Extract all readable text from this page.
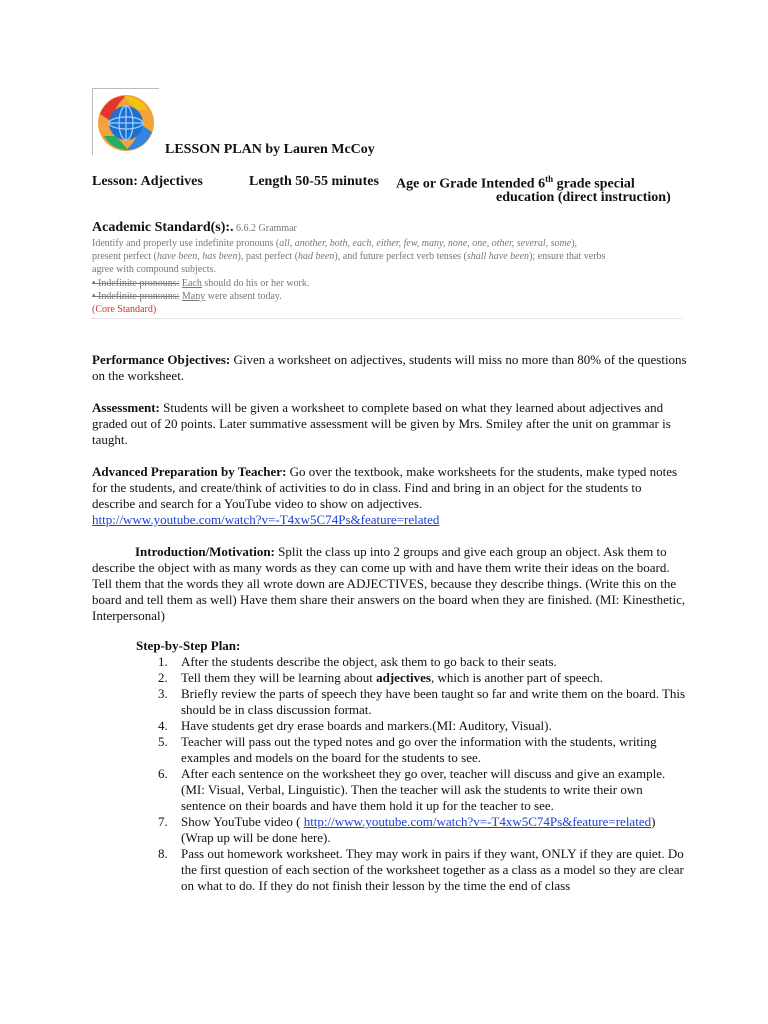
LESSON PLAN by Lauren McCoy
Lesson: Adjectives	Length 50-55 minutes Age or Grade Intended 6th grade special
education (direct instruction)
Academic Standard(s):. 6.6.2 Grammar
Identify and properly use indefinite pronouns (all, another, both, each, either, few, many, none, one, other, several, some),
present perfect (have been, has been), past perfect (had been), and future perfect verb tenses (shall have been); ensure that verbs
agree with compound subjects.
• Indefinite pronouns: Each should do his or her work.
• Indefinite pronouns: Many were absent today.
(Core Standard)
Performance Objectives: Given a worksheet on adjectives, students will miss no more than 80% of the questions on the worksheet.
Assessment: Students will be given a worksheet to complete based on what they learned about adjectives and graded out of 20 points. Later summative assessment will be given by Mrs. Smiley after the unit on grammar is taught.
Advanced Preparation by Teacher: Go over the textbook, make worksheets for the students, make typed notes for the students, and create/think of activities to do in class. Find and bring in an object for the students to describe and search for a YouTube video to show on adjectives.
http://www.youtube.com/watch?v=-T4xw5C74Ps&feature=related
Introduction/Motivation: Split the class up into 2 groups and give each group an object. Ask them to describe the object with as many words as they can come up with and have them write their ideas on the board. Tell them that the words they all wrote down are ADJECTIVES, because they describe things. (Write this on the board and tell them as well) Have them share their answers on the board when they are finished. (MI: Kinesthetic, Interpersonal)
Step-by-Step Plan:
1. After the students describe the object, ask them to go back to their seats.
2. Tell them they will be learning about adjectives, which is another part of speech.
3. Briefly review the parts of speech they have been taught so far and write them on the board. This should be in class discussion format.
4. Have students get dry erase boards and markers.(MI: Auditory, Visual).
5. Teacher will pass out the typed notes and go over the information with the students, writing examples and models on the board for the students to see.
6. After each sentence on the worksheet they go over, teacher will discuss and give an example. (MI: Visual, Verbal, Linguistic). Then the teacher will ask the students to write their own sentence on their boards and have them hold it up for the teacher to see.
7. Show YouTube video ( http://www.youtube.com/watch?v=-T4xw5C74Ps&feature=related) (Wrap up will be done here).
8. Pass out homework worksheet. They may work in pairs if they want, ONLY if they are quiet. Do the first question of each section of the worksheet together as a class as a model so they are clear on what to do. If they do not finish their lesson by the time the end of class
